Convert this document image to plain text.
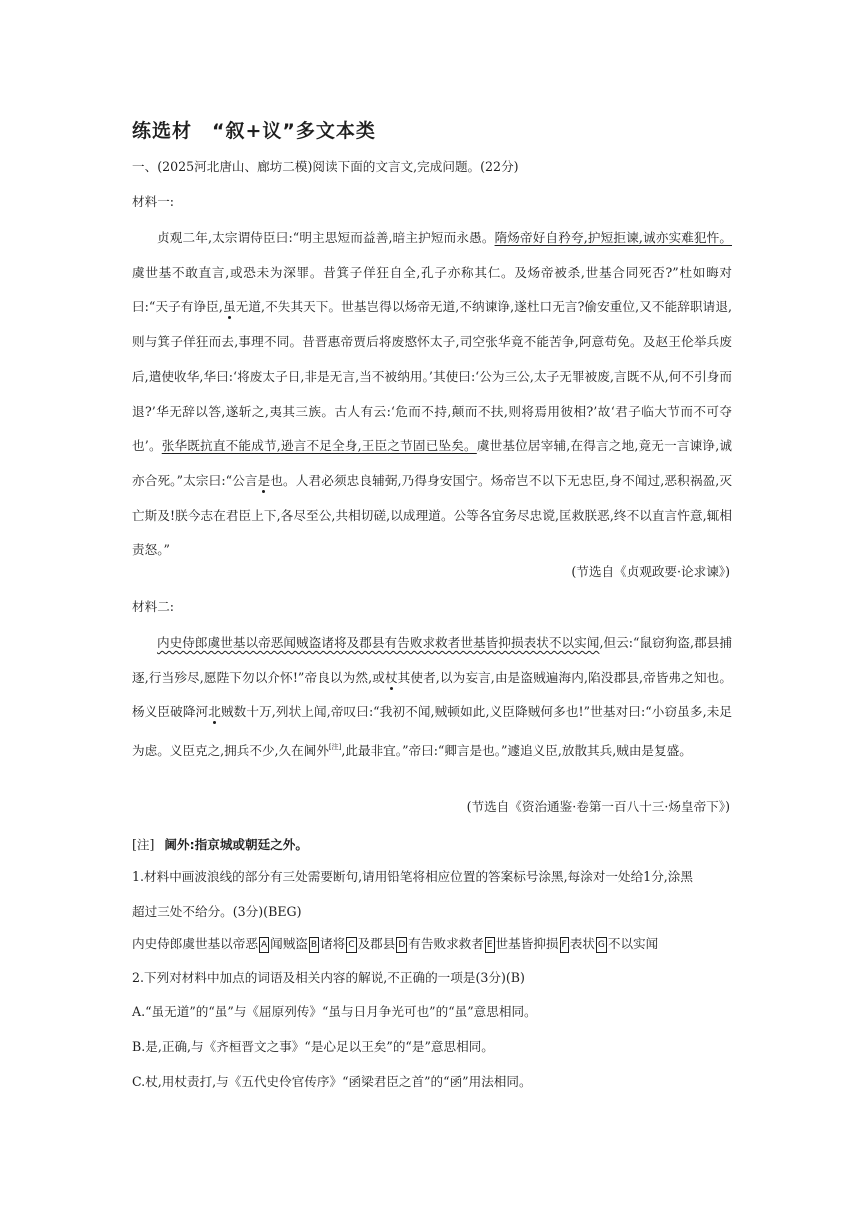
练选材　“叙+议”多文本类
一、(2025河北唐山、廊坊二模)阅读下面的文言文,完成问题。(22分)
材料一:

贞观二年,太宗谓侍臣曰:“明主思短而益善,暗主护短而永愚。隋炀帝好自矜夸,护短拒谏,诚亦实难犯忤。虞世基不敢直言,或恐未为深罪。昔箕子佯狂自全,孔子亦称其仁。及炀帝被杀,世基合同死否?”杜如晦对曰:“天子有诤臣,虽无道,不失其天下。世基岂得以炀帝无道,不纳谏诤,遂杜口无言?偷安重位,又不能辞职请退,则与箕子佯狂而去,事理不同。昔晋惠帝贾后将废愍怀太子,司空张华竟不能苦争,阿意苟免。及赵王伦举兵废后,遣使收华,华曰:‘将废太子日,非是无言,当不被纳用。’其使曰:‘公为三公,太子无罪被废,言既不从,何不引身而退?’华无辞以答,遂斩之,夷其三族。古人有云:‘危而不持,颠而不扶,则将焉用彼相?’故‘君子临大节而不可夺也’。张华既抗直不能成节,逊言不足全身,王臣之节固已坠矣。虞世基位居宰辅,在得言之地,竟无一言谏诤,诚亦合死。”太宗曰:“公言是也。人君必须忠良辅弼,乃得身安国宁。炀帝岂不以下无忠臣,身不闻过,恶积祸盈,灭亡斯及!朕今志在君臣上下,各尽至公,共相切磋,以成理道。公等各宜务尽忠谠,匡救朕恶,终不以直言忤意,辄相责怒。”

(节选自《贞观政要·论求谏》)
材料二:

内史侍郎虞世基以帝恶闻贼盗诸将及郡县有告败求救者世基皆抑损表状不以实闻,但云:“鼠窃狗盗,郡县捕逐,行当殄尽,愿陛下勿以介怀!”帝良以为然,或杖其使者,以为妄言,由是盗贼遍海内,陷没郡县,帝皆弗之知也。杨义臣破降河北贼数十万,列状上闻,帝叹曰:“我初不闻,贼顿如此,义臣降贼何多也!”世基对曰:“小窃虽多,未足为虑。义臣克之,拥兵不少,久在阃外[注],此最非宜。”帝曰:“卿言是也。”遽追义臣,放散其兵,贼由是复盛。

(节选自《资治通鉴·卷第一百八十三·炀皇帝下》)
[注] 阃外:指京城或朝廷之外。
1.材料中画波浪线的部分有三处需要断句,请用铅笔将相应位置的答案标号涂黑,每涂对一处给1分,涂黑
超过三处不给分。(3分)(BEG)
内史侍郎虞世基以帝恶 A 闻贼盗 B 诸将 C 及郡县 D 有告败求救者 E 世基皆抑损 F 表状 G 不以实闻
2.下列对材料中加点的词语及相关内容的解说,不正确的一项是(3分)(B)
A.“虽无道”的“虽”与《屈原列传》“虽与日月争光可也”的“虽”意思相同。
B.是,正确,与《齐桓晋文之事》“是心足以王矣”的“是”意思相同。
C.杖,用杖责打,与《五代史伶官传序》“函梁君臣之首”的“函”用法相同。
